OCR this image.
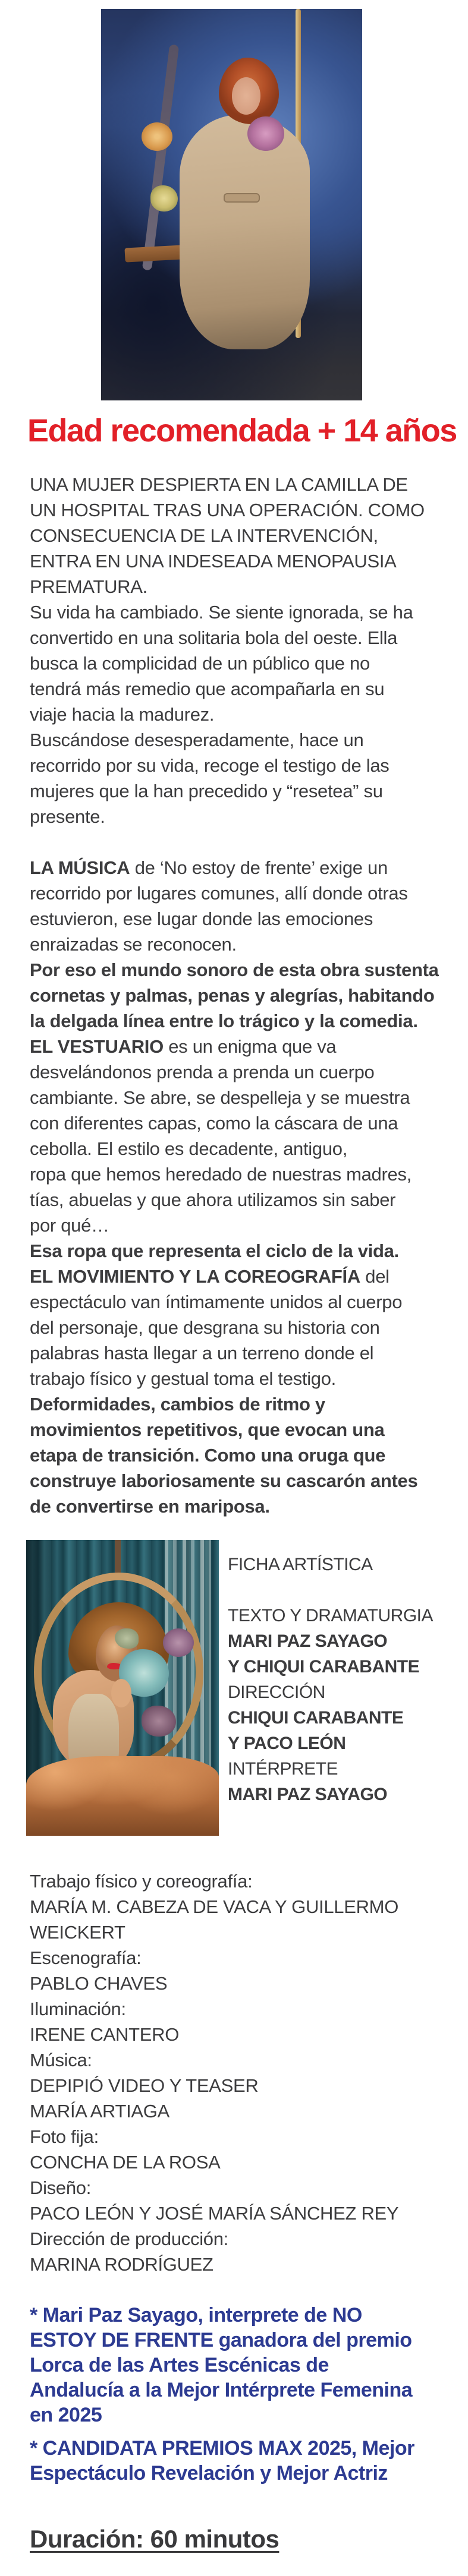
Edad recomendada + 14 años
UNA MUJER DESPIERTA EN LA CAMILLA DE
UN HOSPITAL TRAS UNA OPERACIÓN. COMO
CONSECUENCIA DE LA INTERVENCIÓN,
ENTRA EN UNA INDESEADA MENOPAUSIA
PREMATURA.
Su vida ha cambiado. Se siente ignorada, se ha
convertido en una solitaria bola del oeste. Ella
busca la complicidad de un público que no
tendrá más remedio que acompañarla en su
viaje hacia la madurez.
Buscándose desesperadamente, hace un
recorrido por su vida, recoge el testigo de las
mujeres que la han precedido y “resetea” su
presente.
LA MÚSICA de ‘No estoy de frente’ exige un
recorrido por lugares comunes, allí donde otras
estuvieron, ese lugar donde las emociones
enraizadas se reconocen.
Por eso el mundo sonoro de esta obra sustenta
cornetas y palmas, penas y alegrías, habitando
la delgada línea entre lo trágico y la comedia.
EL VESTUARIO es un enigma que va
desvelándonos prenda a prenda un cuerpo
cambiante. Se abre, se despelleja y se muestra
con diferentes capas, como la cáscara de una
cebolla. El estilo es decadente, antiguo,
ropa que hemos heredado de nuestras madres,
tías, abuelas y que ahora utilizamos sin saber
por qué…
Esa ropa que representa el ciclo de la vida.
EL MOVIMIENTO Y LA COREOGRAFÍA del
espectáculo van íntimamente unidos al cuerpo
del personaje, que desgrana su historia con
palabras hasta llegar a un terreno donde el
trabajo físico y gestual toma el testigo.
Deformidades, cambios de ritmo y
movimientos repetitivos, que evocan una
etapa de transición. Como una oruga que
construye laboriosamente su cascarón antes
de convertirse en mariposa.
FICHA ARTÍSTICA
TEXTO Y DRAMATURGIA
MARI PAZ SAYAGO
Y CHIQUI CARABANTE
DIRECCIÓN
CHIQUI CARABANTE
Y PACO LEÓN
INTÉRPRETE
MARI PAZ SAYAGO
Trabajo físico y coreografía:
MARÍA M. CABEZA DE VACA Y GUILLERMO
WEICKERT
Escenografía:
PABLO CHAVES
Iluminación:
IRENE CANTERO
Música:
DEPIPIÓ VIDEO Y TEASER
MARÍA ARTIAGA
Foto fija:
CONCHA DE LA ROSA
Diseño:
PACO LEÓN Y JOSÉ MARÍA SÁNCHEZ REY
Dirección de producción:
MARINA RODRÍGUEZ
* Mari Paz Sayago, interprete de NO
ESTOY DE FRENTE ganadora del premio
Lorca de las Artes Escénicas de
Andalucía a la Mejor Intérprete Femenina
en 2025
* CANDIDATA PREMIOS MAX 2025, Mejor
Espectáculo Revelación y Mejor Actriz

Duración: 60 minutos
